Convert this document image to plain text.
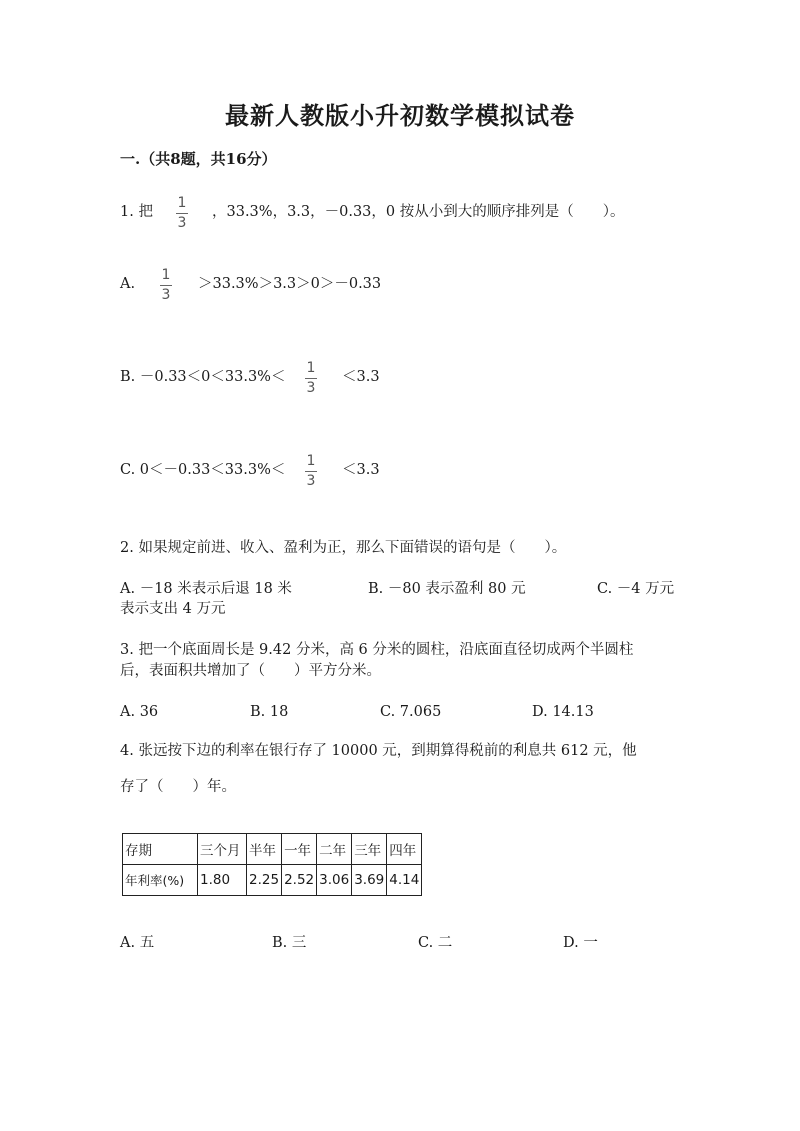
最新人教版小升初数学模拟试卷
一.（共8题，共16分）
1. 把
1
3
，33.3%，3.3，－0.33，0 按从小到大的顺序排列是（　　）。
A.
1
3
＞33.3%＞3.3＞0＞－0.33
B. －0.33＜0＜33.3%＜
1
3
＜3.3
C. 0＜－0.33＜33.3%＜
1
3
＜3.3
2. 如果规定前进、收入、盈利为正，那么下面错误的语句是（　　）。
A. －18 米表示后退 18 米	B. －80 表示盈利 80 元	C. －4 万元
表示支出 4 万元
3. 把一个底面周长是 9.42 分米，高 6 分米的圆柱，沿底面直径切成两个半圆柱
后，表面积共增加了（　　）平方分米。
A. 36	B. 18	C. 7.065	D. 14.13
4. 张远按下边的利率在银行存了 10000 元，到期算得税前的利息共 612 元，他
存了（　　）年。
存期	三个月	半年	一年	二年	三年	四年
年利率(%)	1.80	2.25	2.52	3.06	3.69	4.14
A. 五	B. 三	C. 二	D. 一
